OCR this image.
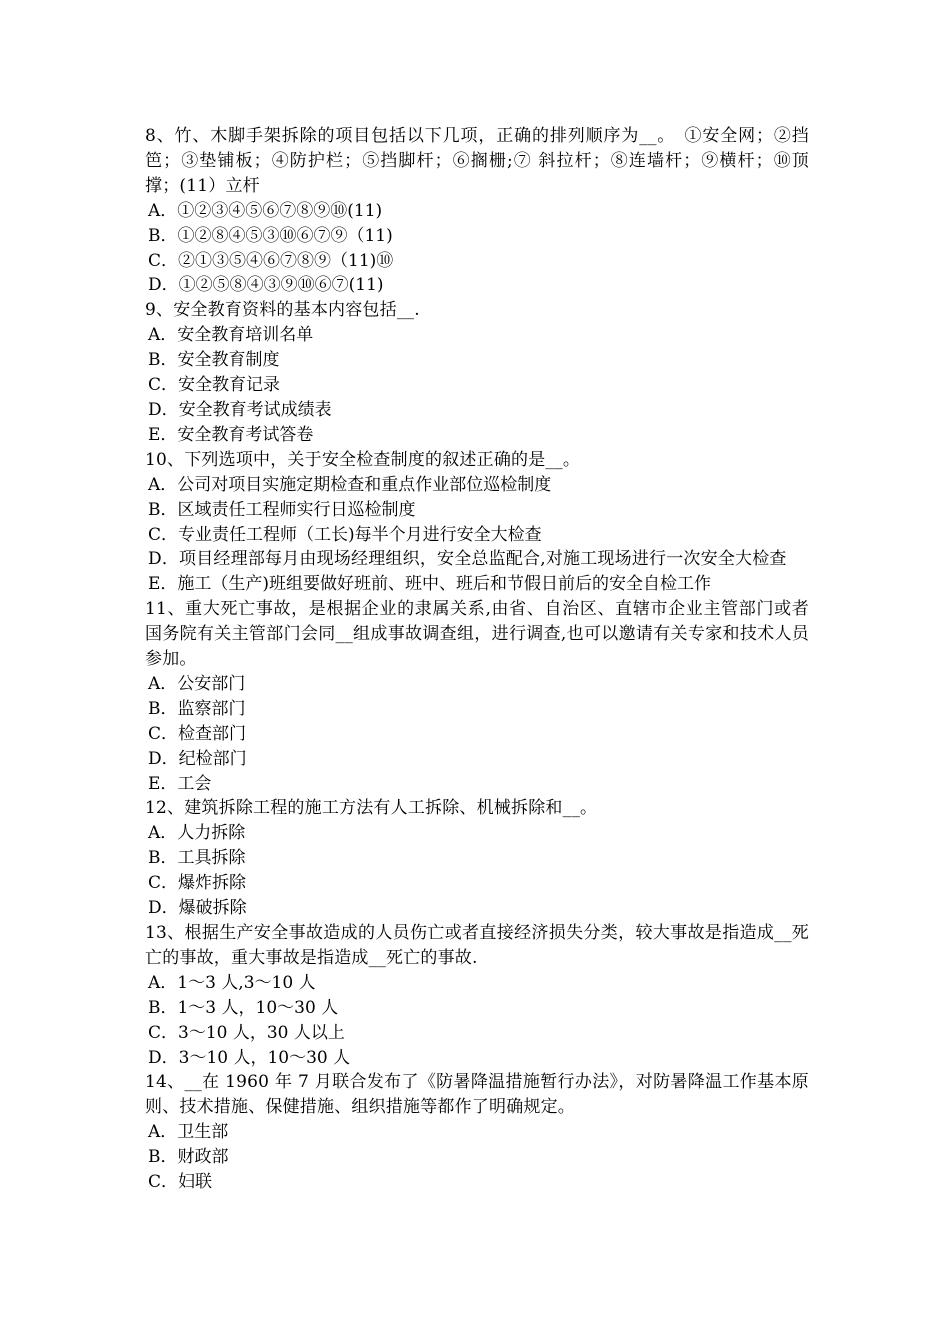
8、竹、木脚手架拆除的项目包括以下几项，正确的排列顺序为__。　①安全网；②挡笆；③垫铺板；④防护栏；⑤挡脚杆；⑥搁栅;⑦ 斜拉杆；⑧连墙杆；⑨横杆；⑩顶撑；(11）立杆

A．①②③④⑤⑥⑦⑧⑨⑩(11)

B．①②⑧④⑤③⑩⑥⑦⑨（11)

C．②①③⑤④⑥⑦⑧⑨（11)⑩

D．①②⑤⑧④③⑨⑩⑥⑦(11)

9、安全教育资料的基本内容包括__.

A．安全教育培训名单

B．安全教育制度

C．安全教育记录

D．安全教育考试成绩表

E．安全教育考试答卷

10、下列选项中，关于安全检查制度的叙述正确的是__。

A．公司对项目实施定期检查和重点作业部位巡检制度

B．区域责任工程师实行日巡检制度

C．专业责任工程师（工长)每半个月进行安全大检查

D．项目经理部每月由现场经理组织，安全总监配合,对施工现场进行一次安全大检查

E．施工（生产)班组要做好班前、班中、班后和节假日前后的安全自检工作

11、重大死亡事故，是根据企业的隶属关系,由省、自治区、直辖市企业主管部门或者国务院有关主管部门会同__组成事故调查组，进行调查,也可以邀请有关专家和技术人员参加。

A．公安部门

B．监察部门

C．检查部门

D．纪检部门

E．工会

12、建筑拆除工程的施工方法有人工拆除、机械拆除和__。

A．人力拆除

B．工具拆除

C．爆炸拆除

D．爆破拆除

13、根据生产安全事故造成的人员伤亡或者直接经济损失分类，较大事故是指造成__死亡的事故，重大事故是指造成__死亡的事故.

A．1～3 人,3～10 人

B．1～3 人，10～30 人

C．3～10 人，30 人以上

D．3～10 人，10～30 人

14、__在 1960 年 7 月联合发布了《防暑降温措施暂行办法》，对防暑降温工作基本原则、技术措施、保健措施、组织措施等都作了明确规定。

A．卫生部

B．财政部

C．妇联
